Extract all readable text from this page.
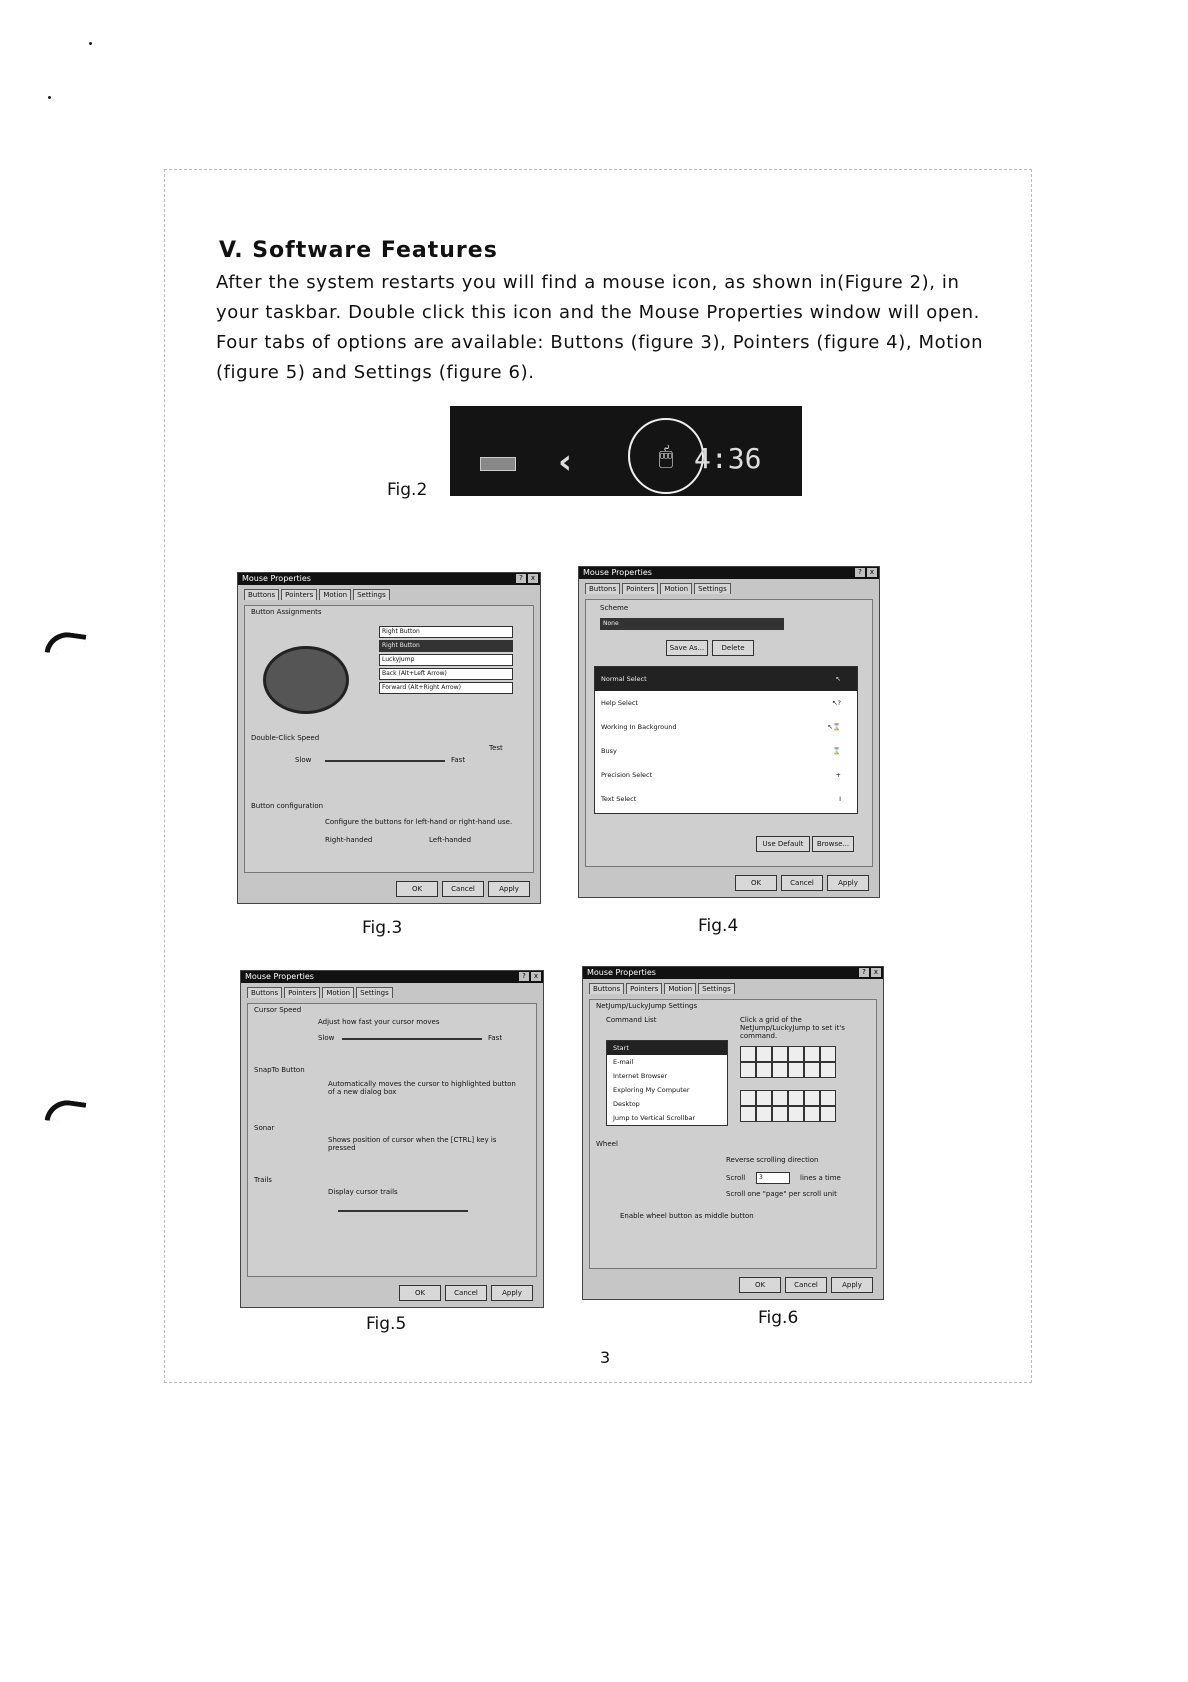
V. Software Features

After the system restarts you will find a mouse icon, as shown in(Figure 2), in your taskbar. Double click this icon and the Mouse Properties window will open. Four tabs of options are available: Buttons (figure 3), Pointers (figure 4), Motion (figure 5) and Settings (figure 6).

‹	🖱 4:36
Fig.2
Mouse Properties	?	x
Buttons	Pointers	Motion	Settings
Button Assignments
Right Button
Right Button
LuckyJump
Back (Alt+Left Arrow)
Forward (Alt+Right Arrow)
Double-Click Speed
Slow	Fast
Test
Button configuration
Configure the buttons for left-hand or right-hand use.
Right-handed	Left-handed
OK	Cancel	Apply
Fig.3
Mouse Properties	?	x
Buttons	Pointers	Motion	Settings
Scheme
None
Save As...	Delete
Normal Select	↖
Help Select	↖?
Working In Background	↖⌛
Busy	⌛
Precision Select	+
Text Select	I
Use Default	Browse...
OK	Cancel	Apply
Fig.4
Mouse Properties	?	x
Buttons	Pointers	Motion	Settings
Cursor Speed
Adjust how fast your cursor moves
Slow	Fast
SnapTo Button
Automatically moves the cursor to highlighted button of a new dialog box
Sonar
Shows position of cursor when the [CTRL] key is pressed
Trails
Display cursor trails
OK	Cancel	Apply
Fig.5
Mouse Properties	?	x
Buttons	Pointers	Motion	Settings
NetJump/LuckyJump Settings
Command List	Click a grid of the NetJump/LuckyJump to set it's command.
Start
E-mail
Internet Browser
Exploring My Computer
Desktop
Jump to Vertical Scrollbar
Wheel
Reverse scrolling direction
Scroll	3	lines a time
Scroll one "page" per scroll unit
Enable wheel button as middle button
OK	Cancel	Apply
Fig.6
3
